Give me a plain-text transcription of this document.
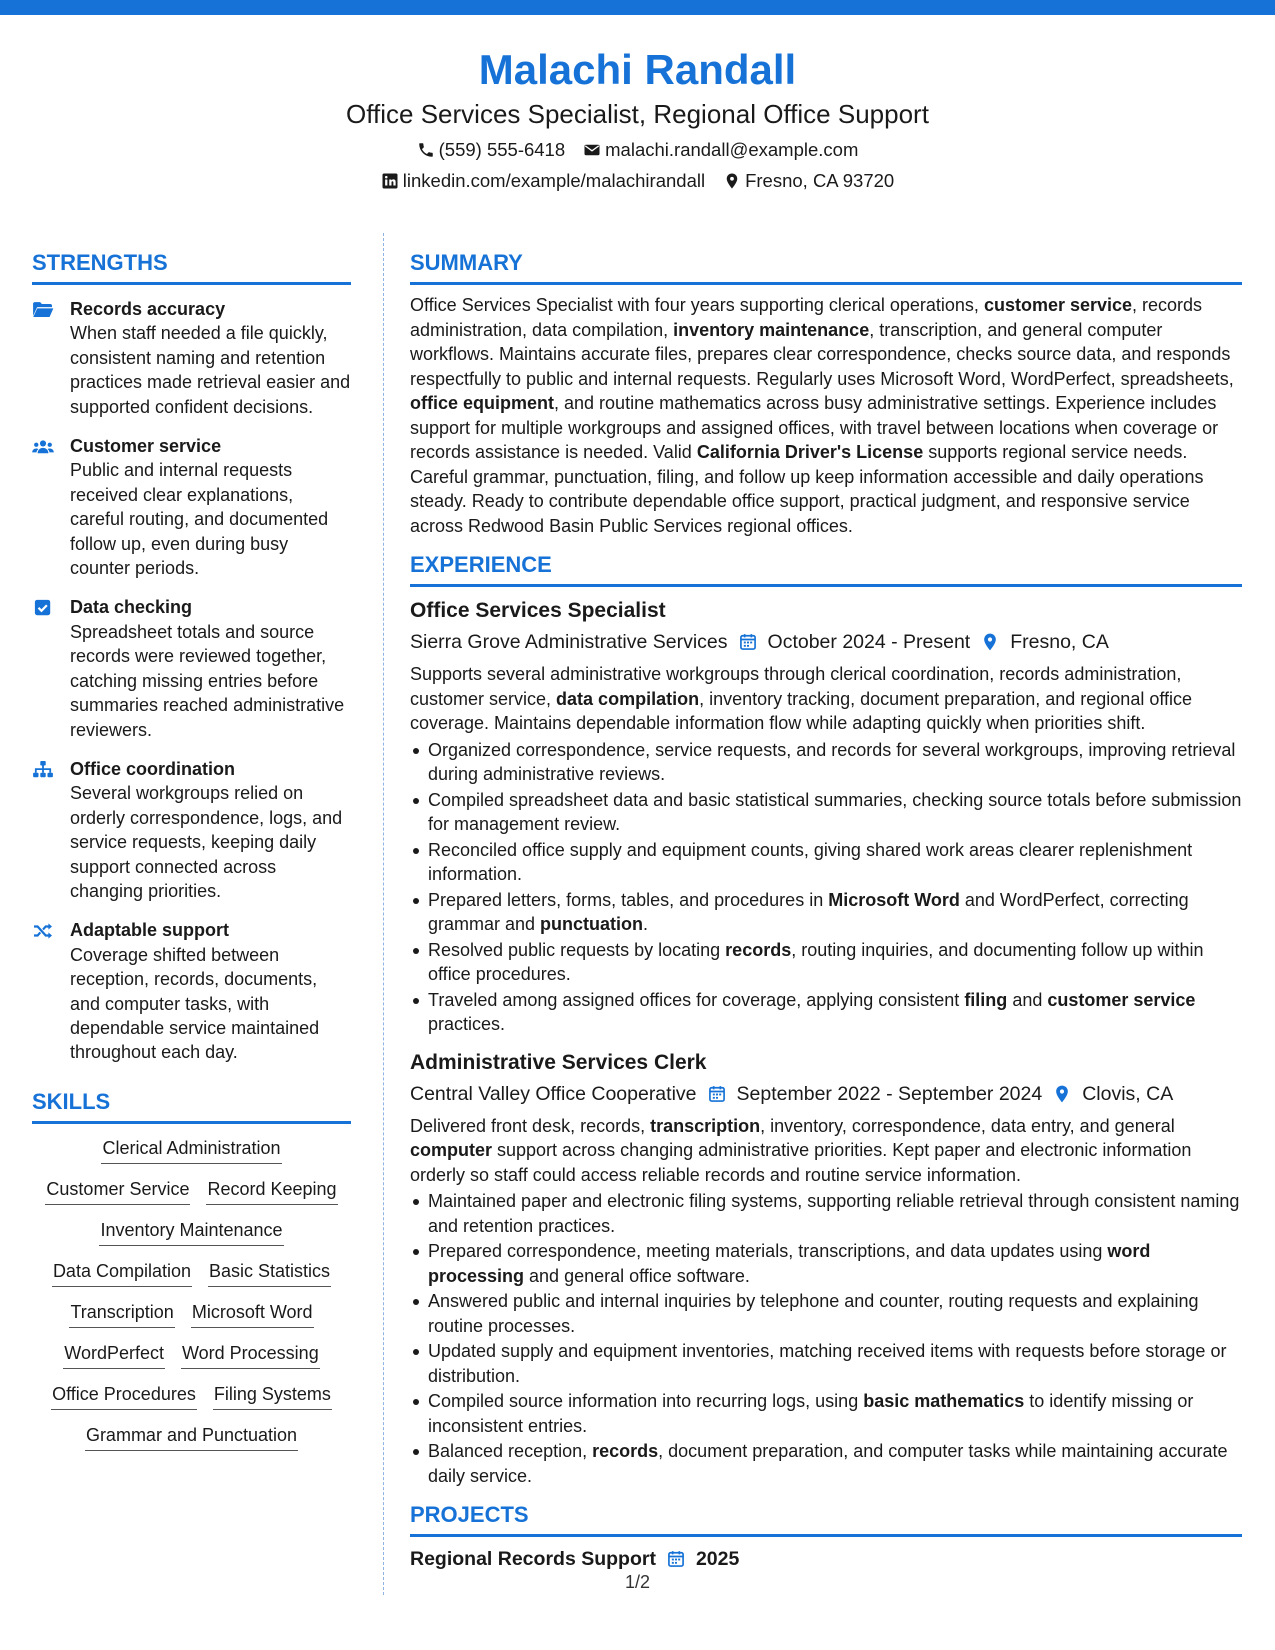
Malachi Randall
Office Services Specialist, Regional Office Support
(559) 555-6418 malachi.randall@example.com
linkedin.com/example/malachirandall Fresno, CA 93720
STRENGTHS
Records accuracy
When staff needed a file quickly, consistent naming and retention practices made retrieval easier and supported confident decisions.
Customer service
Public and internal requests received clear explanations, careful routing, and documented follow up, even during busy counter periods.
Data checking
Spreadsheet totals and source records were reviewed together, catching missing entries before summaries reached administrative reviewers.
Office coordination
Several workgroups relied on orderly correspondence, logs, and service requests, keeping daily support connected across changing priorities.
Adaptable support
Coverage shifted between reception, records, documents, and computer tasks, with dependable service maintained throughout each day.
SKILLS
Clerical Administration
Customer Service Record Keeping
Inventory Maintenance
Data Compilation Basic Statistics
Transcription Microsoft Word
WordPerfect Word Processing
Office Procedures Filing Systems
Grammar and Punctuation
SUMMARY
Office Services Specialist with four years supporting clerical operations, customer service, records administration, data compilation, inventory maintenance, transcription, and general computer workflows. Maintains accurate files, prepares clear correspondence, checks source data, and responds respectfully to public and internal requests. Regularly uses Microsoft Word, WordPerfect, spreadsheets, office equipment, and routine mathematics across busy administrative settings. Experience includes support for multiple workgroups and assigned offices, with travel between locations when coverage or records assistance is needed. Valid California Driver's License supports regional service needs. Careful grammar, punctuation, filing, and follow up keep information accessible and daily operations steady. Ready to contribute dependable office support, practical judgment, and responsive service across Redwood Basin Public Services regional offices.
EXPERIENCE
Office Services Specialist
Sierra Grove Administrative Services October 2024 - Present Fresno, CA
Supports several administrative workgroups through clerical coordination, records administration, customer service, data compilation, inventory tracking, document preparation, and regional office coverage. Maintains dependable information flow while adapting quickly when priorities shift.
Organized correspondence, service requests, and records for several workgroups, improving retrieval during administrative reviews.
Compiled spreadsheet data and basic statistical summaries, checking source totals before submission for management review.
Reconciled office supply and equipment counts, giving shared work areas clearer replenishment information.
Prepared letters, forms, tables, and procedures in Microsoft Word and WordPerfect, correcting grammar and punctuation.
Resolved public requests by locating records, routing inquiries, and documenting follow up within office procedures.
Traveled among assigned offices for coverage, applying consistent filing and customer service practices.
Administrative Services Clerk
Central Valley Office Cooperative September 2022 - September 2024 Clovis, CA
Delivered front desk, records, transcription, inventory, correspondence, data entry, and general computer support across changing administrative priorities. Kept paper and electronic information orderly so staff could access reliable records and routine service information.
Maintained paper and electronic filing systems, supporting reliable retrieval through consistent naming and retention practices.
Prepared correspondence, meeting materials, transcriptions, and data updates using word processing and general office software.
Answered public and internal inquiries by telephone and counter, routing requests and explaining routine processes.
Updated supply and equipment inventories, matching received items with requests before storage or distribution.
Compiled source information into recurring logs, using basic mathematics to identify missing or inconsistent entries.
Balanced reception, records, document preparation, and computer tasks while maintaining accurate daily service.
PROJECTS
Regional Records Support 2025
1/2
